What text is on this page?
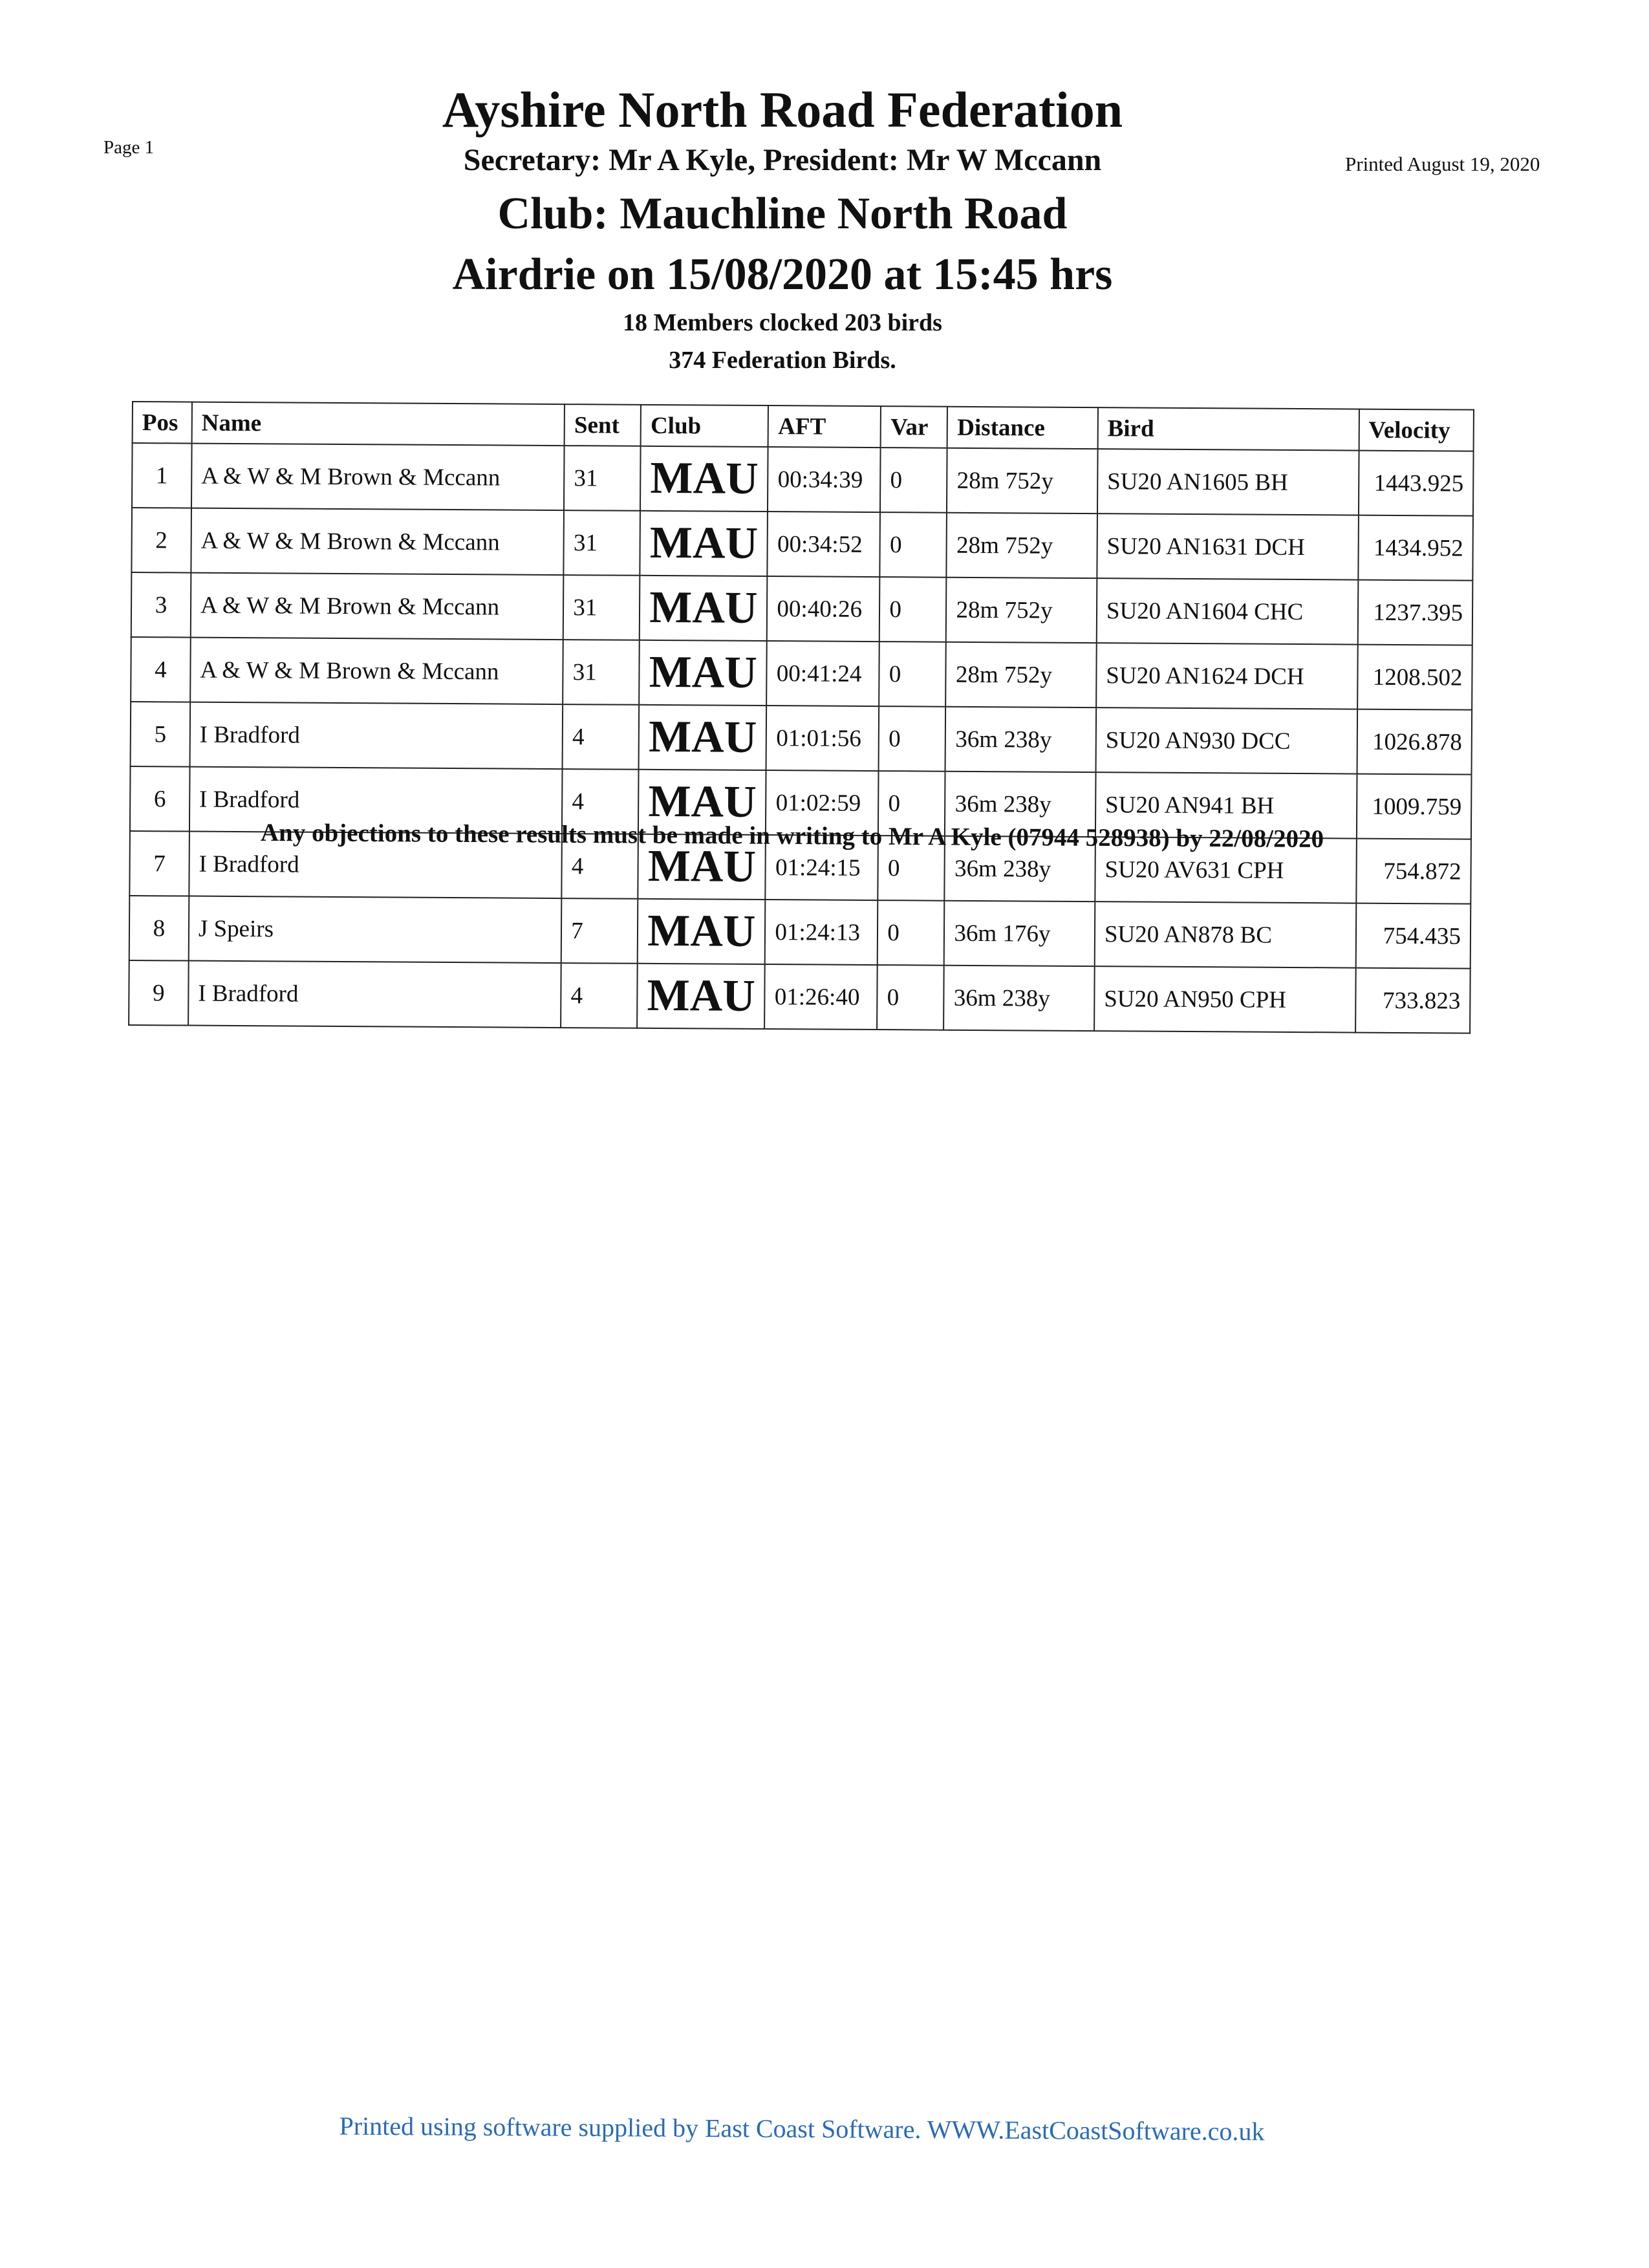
Page 1
Printed August 19, 2020
Ayshire North Road Federation
Secretary: Mr A Kyle, President: Mr W Mccann
Club: Mauchline North Road
Airdrie on 15/08/2020 at 15:45 hrs
18 Members clocked 203 birds
374 Federation Birds.
Pos	Name	Sent	Club	AFT	Var	Distance	Bird	Velocity
1	A & W & M Brown & Mccann	31	MAU	00:34:39	0	28m 752y	SU20 AN1605 BH	1443.925
2	A & W & M Brown & Mccann	31	MAU	00:34:52	0	28m 752y	SU20 AN1631 DCH	1434.952
3	A & W & M Brown & Mccann	31	MAU	00:40:26	0	28m 752y	SU20 AN1604 CHC	1237.395
4	A & W & M Brown & Mccann	31	MAU	00:41:24	0	28m 752y	SU20 AN1624 DCH	1208.502
5	I Bradford	4	MAU	01:01:56	0	36m 238y	SU20 AN930 DCC	1026.878
6	I Bradford	4	MAU	01:02:59	0	36m 238y	SU20 AN941 BH	1009.759
7	I Bradford	4	MAU	01:24:15	0	36m 238y	SU20 AV631 CPH	754.872
8	J Speirs	7	MAU	01:24:13	0	36m 176y	SU20 AN878 BC	754.435
9	I Bradford	4	MAU	01:26:40	0	36m 238y	SU20 AN950 CPH	733.823
Any objections to these results must be made in writing to Mr A Kyle (07944 528938) by 22/08/2020
Printed using software supplied by East Coast Software. WWW.EastCoastSoftware.co.uk
